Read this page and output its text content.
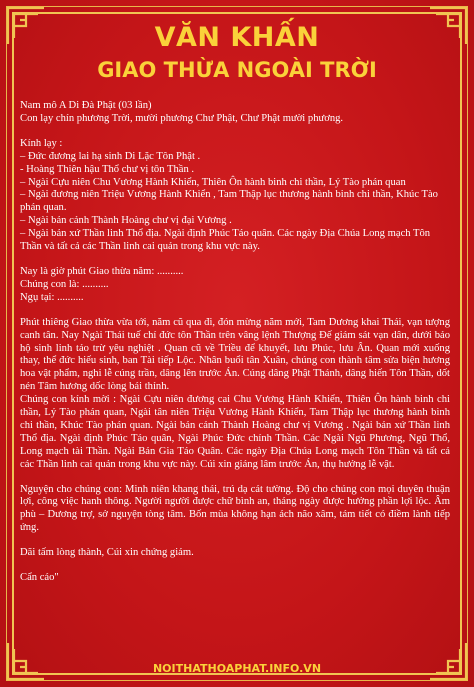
VĂN KHẤN
GIAO THỪA NGOÀI TRỜI

Nam mô A Di Đà Phật (03 lần)

Con lạy chín phương Trời, mười phương Chư Phật, Chư Phật mười phương.

Kính lạy :

– Đức đương lai hạ sinh Di Lặc Tôn Phật .

- Hoàng Thiên hậu Thổ chư vị tôn Thần .

– Ngài Cựu niên Chu Vương Hành Khiển, Thiên Ôn hành binh chi thần, Lý Tào phán quan

– Ngài đương niên Triệu Vương Hành Khiển , Tam Thập lục thương hành binh chi thần, Khúc Tào phán quan.

– Ngài bản cảnh Thành Hoàng chư vị đại Vương .

– Ngài bản xứ Thần linh Thổ địa. Ngài định Phúc Táo quân. Các ngày Địa Chúa Long mạch Tôn

Thần và tất cả các Thần linh cai quản trong khu vực này.

Nay là giờ phút Giao thừa năm: ..........

Chúng con là: ..........

Ngụ tại: ..........

Phút thiêng Giao thừa vừa tới, năm cũ qua đi, đón mừng năm mới, Tam Dương khai Thái, vạn tượng canh tân. Nay Ngài Thái tuế chí đức tôn Thần trên vâng lệnh Thượng Đế giám sát vạn dân, dưới bảo hộ sinh linh tảo trừ yêu nghiệt . Quan cũ về Triều để khuyết, lưu Phúc, lưu Ân. Quan mới xuống thay, thể đức hiếu sinh, ban Tài tiếp Lộc. Nhân buổi tân Xuân, chúng con thành tâm sửa biện hương hoa vật phẩm, nghi lễ cúng trần, dâng lên trước Án. Cúng dâng Phật Thánh, dâng hiến Tôn Thần, dốt nén Tâm hương dốc lòng bái thỉnh.

Chúng con kính mời : Ngài Cựu niên đương cai Chu Vương Hành Khiển, Thiên Ôn hành binh chi thần, Lý Tào phán quan, Ngài tân niên Triệu Vương Hành Khiển, Tam Thập lục thương hành binh chi thần, Khúc Tào phán quan. Ngài bản cảnh Thành Hoàng chư vị Vương . Ngài bản xứ Thần linh Thổ địa. Ngài định Phúc Táo quân, Ngài Phúc Đức chính Thần. Các Ngài Ngũ Phương, Ngũ Thổ, Long mạch tài Thần. Ngài Bản Gia Táo Quân. Các ngày Địa Chúa Long mạch Tôn Thần và tất cả các Thần linh cai quản trong khu vực này. Cúi xin giáng lâm trước Án, thụ hưởng lễ vật.

Nguyện cho chúng con: Minh niên khang thái, trú dạ cát tường. Độ cho chúng con mọi duyên thuận lợi, công việc hanh thông. Người người được chữ bình an, tháng ngày được hưởng phần lợi lộc. Âm phù – Dương trợ, sở nguyện tòng tâm. Bốn mùa không hạn ách não xâm, tám tiết có điềm lành tiếp ứng.

Dãi tấm lòng thành, Cúi xin chứng giám.

Cẩn cáo"

NOITHATHOAPHAT.INFO.VN
